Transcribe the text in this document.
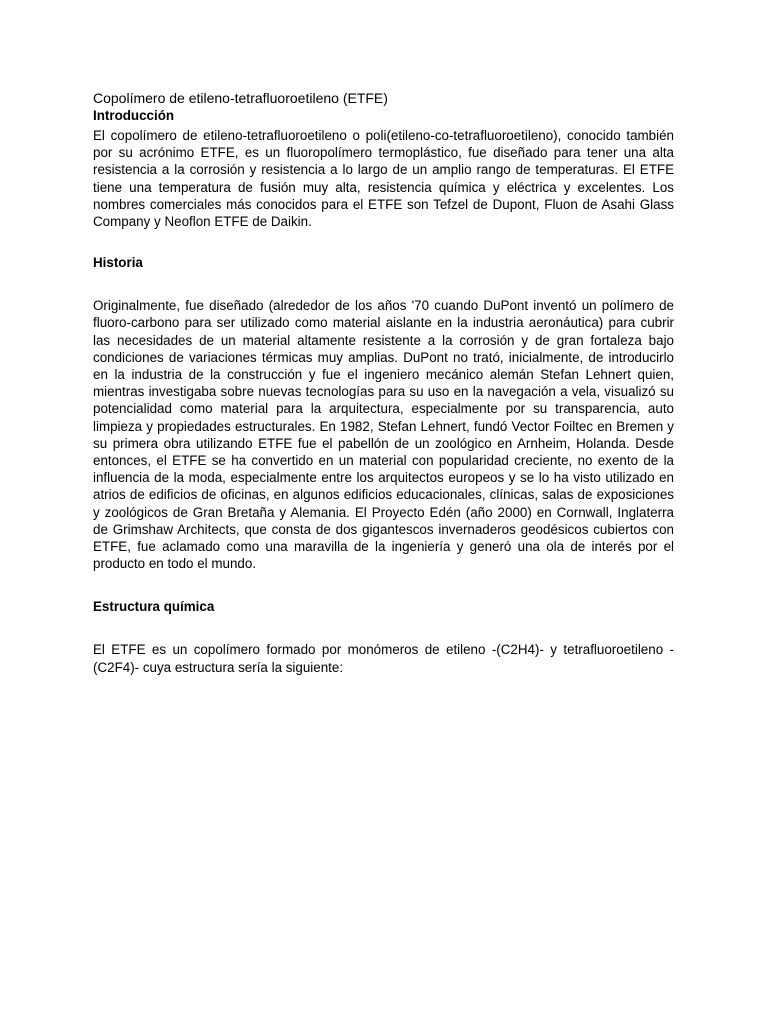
Copolímero de etileno-tetrafluoroetileno (ETFE)

Introducción

El copolímero de etileno-tetrafluoroetileno o poli(etileno-co-tetrafluoroetileno), conocido también por su acrónimo ETFE, es un fluoropolímero termoplástico, fue diseñado para tener una alta resistencia a la corrosión y resistencia a lo largo de un amplio rango de temperaturas. El ETFE tiene una temperatura de fusión muy alta, resistencia química y eléctrica y excelentes. Los nombres comerciales más conocidos para el ETFE son Tefzel de Dupont, Fluon de Asahi Glass Company y Neoflon ETFE de Daikin.

Historia

Originalmente, fue diseñado (alrededor de los años '70 cuando DuPont inventó un polímero de fluoro-carbono para ser utilizado como material aislante en la industria aeronáutica) para cubrir las necesidades de un material altamente resistente a la corrosión y de gran fortaleza bajo condiciones de variaciones térmicas muy amplias. DuPont no trató, inicialmente, de introducirlo en la industria de la construcción y fue el ingeniero mecánico alemán Stefan Lehnert quien, mientras investigaba sobre nuevas tecnologías para su uso en la navegación a vela, visualizó su potencialidad como material para la arquitectura, especialmente por su transparencia, auto limpieza y propiedades estructurales. En 1982, Stefan Lehnert, fundó Vector Foiltec en Bremen y su primera obra utilizando ETFE fue el pabellón de un zoológico en Arnheim, Holanda. Desde entonces, el ETFE se ha convertido en un material con popularidad creciente, no exento de la influencia de la moda, especialmente entre los arquitectos europeos y se lo ha visto utilizado en atrios de edificios de oficinas, en algunos edificios educacionales, clínicas, salas de exposiciones y zoológicos de Gran Bretaña y Alemania. El Proyecto Edén (año 2000) en Cornwall, Inglaterra de Grimshaw Architects, que consta de dos gigantescos invernaderos geodésicos cubiertos con ETFE, fue aclamado como una maravilla de la ingeniería y generó una ola de interés por el producto en todo el mundo.

Estructura química

El ETFE es un copolímero formado por monómeros de etileno -(C2H4)- y tetrafluoroetileno -(C2F4)- cuya estructura sería la siguiente:
